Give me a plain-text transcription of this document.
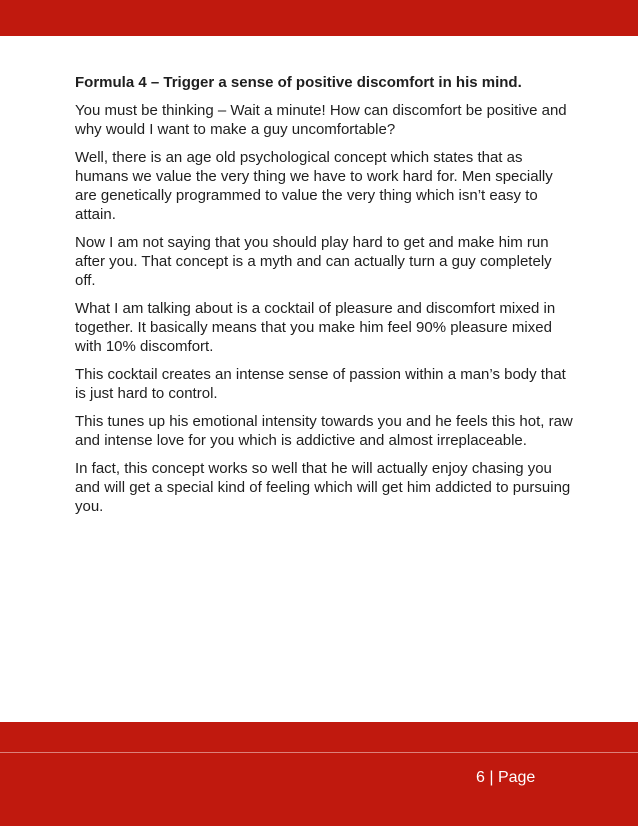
Formula 4 – Trigger a sense of positive discomfort in his mind.

You must be thinking – Wait a minute! How can discomfort be positive and why would I want to make a guy uncomfortable?

Well, there is an age old psychological concept which states that as humans we value the very thing we have to work hard for. Men specially are genetically programmed to value the very thing which isn’t easy to attain.

Now I am not saying that you should play hard to get and make him run after you. That concept is a myth and can actually turn a guy completely off.

What I am talking about is a cocktail of pleasure and discomfort mixed in together. It basically means that you make him feel 90% pleasure mixed with 10% discomfort.

This cocktail creates an intense sense of passion within a man’s body that is just hard to control.

This tunes up his emotional intensity towards you and he feels this hot, raw and intense love for you which is addictive and almost irreplaceable.

In fact, this concept works so well that he will actually enjoy chasing you and will get a special kind of feeling which will get him addicted to pursuing you.

6 | Page
